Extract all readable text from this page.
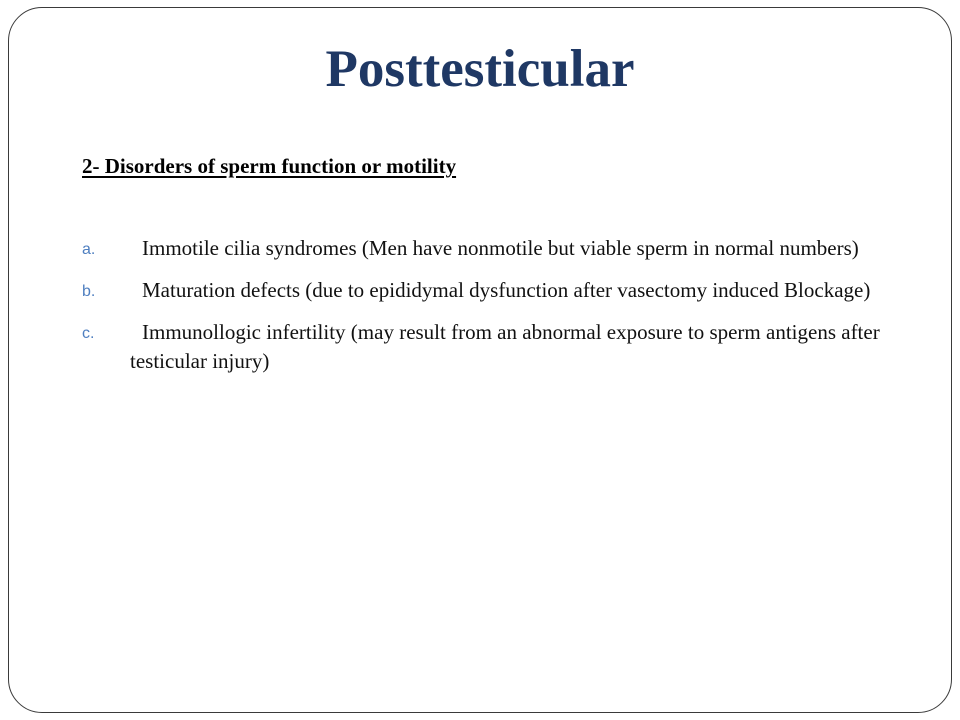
Posttesticular
2- Disorders of sperm function or motility
a.	Immotile cilia syndromes (Men have nonmotile but viable sperm in normal numbers)
b.	Maturation defects (due to epididymal dysfunction after vasectomy induced Blockage)
c.	Immunollogic infertility (may result from an abnormal exposure to sperm antigens after testicular injury)
